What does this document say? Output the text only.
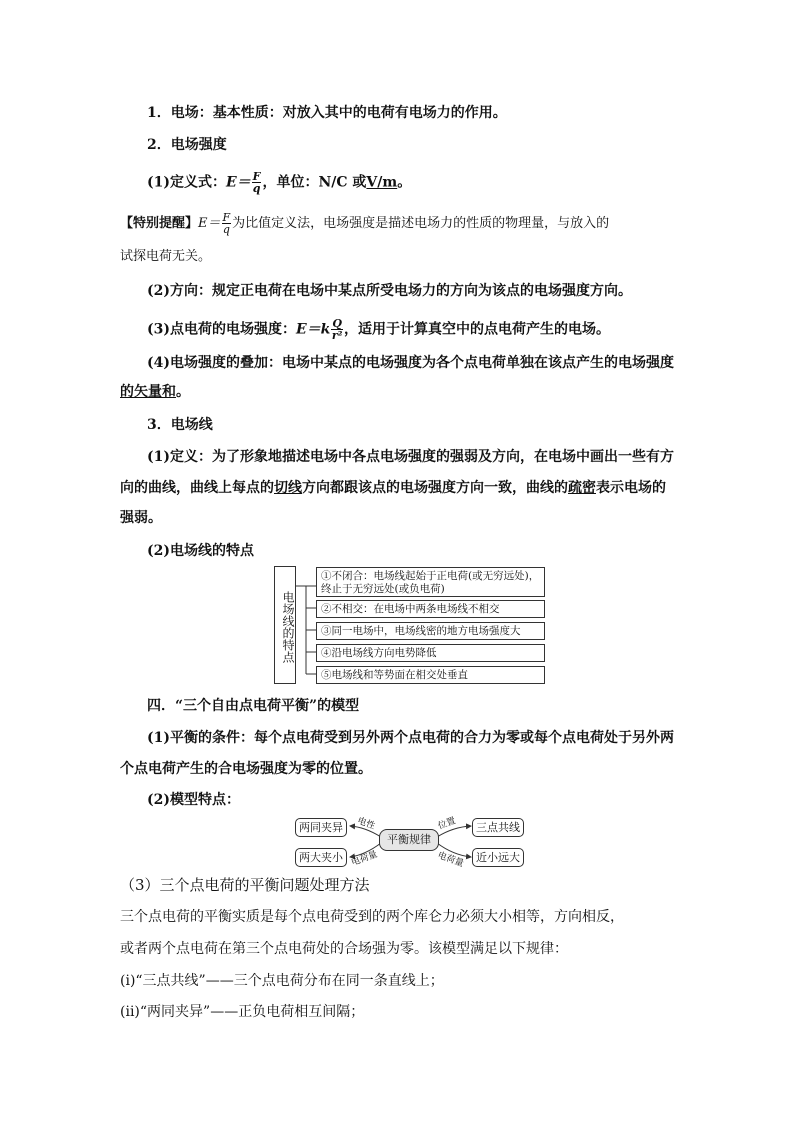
1．电场：基本性质：对放入其中的电荷有电场力的作用。
2．电场强度
(1)定义式：$E= \frac{F}{q}$ ，单位：N/C 或V/m。
【特别提醒】$E= \frac{F}{q}$ 为比值定义法，电场强度是描述电场力的性质的物理量，与放入的
试探电荷无关。
(2)方向：规定正电荷在电场中某点所受电场力的方向为该点的电场强度方向。
(3)点电荷的电场强度：$E=k \frac{Q}{\text{r²}}$ ，适用于计算真空中的点电荷产生的电场。
(4)电场强度的叠加：电场中某点的电场强度为各个点电荷单独在该点产生的电场强度
的矢量和。
3．电场线
(1)定义：为了形象地描述电场中各点电场强度的强弱及方向，在电场中画出一些有方
向的曲线，曲线上每点的切线方向都跟该点的电场强度方向一致，曲线的疏密表示电场的
强弱。
(2)电场线的特点
电场线的特点
①不闭合：电场线起始于正电荷(或无穷远处)，终止于无穷远处(或负电荷)
②不相交：在电场中两条电场线不相交
③同一电场中，电场线密的地方电场强度大
④沿电场线方向电势降低
⑤电场线和等势面在相交处垂直
四．“三个自由点电荷平衡”的模型
(1)平衡的条件：每个点电荷受到另外两个点电荷的合力为零或每个点电荷处于另外两
个点电荷产生的合电场强度为零的位置。
(2)模型特点：
两同夹异
两大夹小
平衡规律
三点共线
近小远大
电性
电荷量
位置
电荷量
（3）三个点电荷的平衡问题处理方法
三个点电荷的平衡实质是每个点电荷受到的两个库仑力必须大小相等，方向相反，
或者两个点电荷在第三个点电荷处的合场强为零。该模型满足以下规律：
(i)“三点共线”——三个点电荷分布在同一条直线上；
(ii)“两同夹异”——正负电荷相互间隔；
